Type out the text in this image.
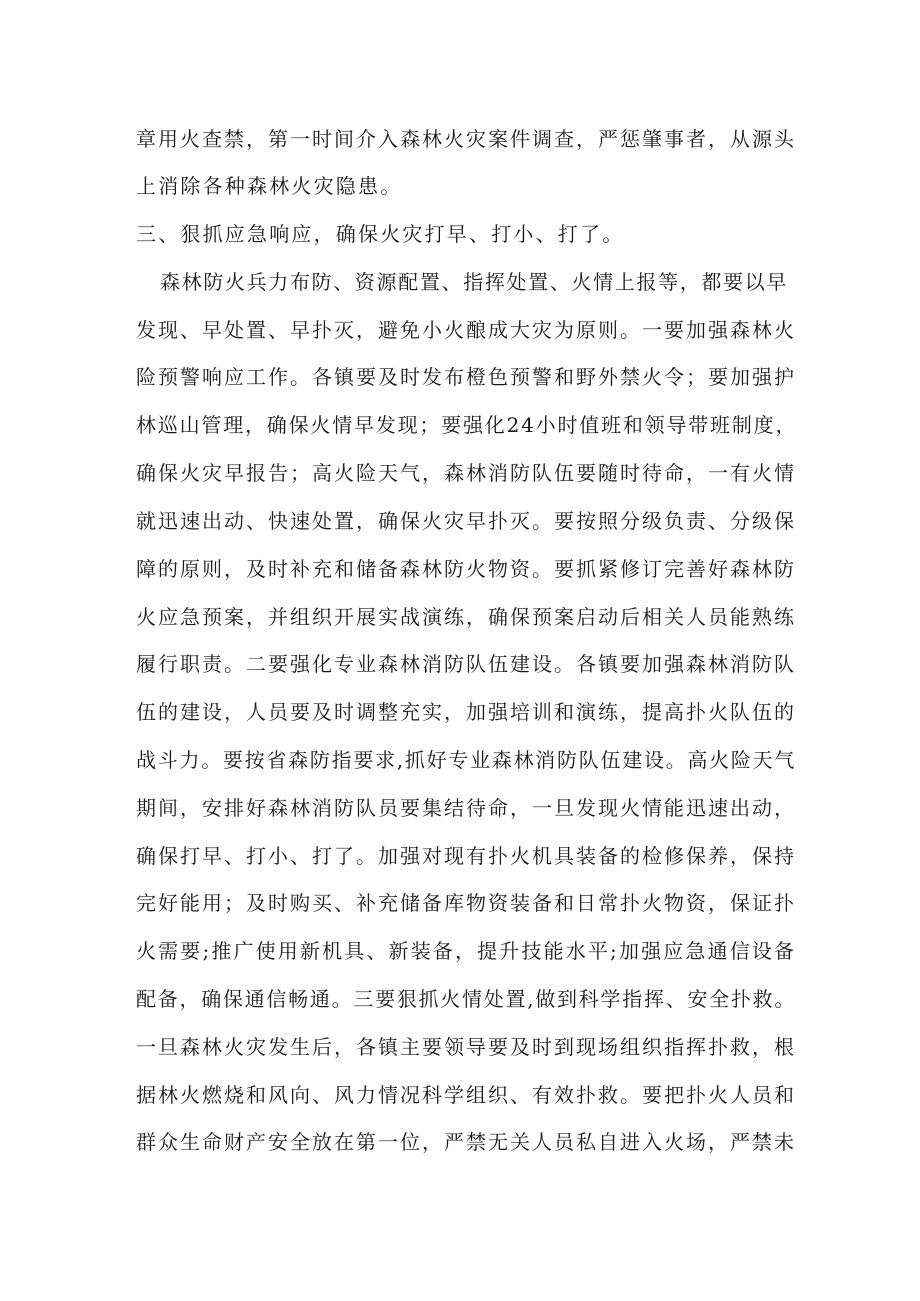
章用火查禁，第一时间介入森林火灾案件调查，严惩肇事者，从源头
上消除各种森林火灾隐患。
三、狠抓应急响应，确保火灾打早、打小、打了。
森林防火兵力布防、资源配置、指挥处置、火情上报等，都要以早
发现、早处置、早扑灭，避免小火酿成大灾为原则。一要加强森林火
险预警响应工作。各镇要及时发布橙色预警和野外禁火令；要加强护
林巡山管理，确保火情早发现；要强化24小时值班和领导带班制度，
确保火灾早报告；高火险天气，森林消防队伍要随时待命，一有火情
就迅速出动、快速处置，确保火灾早扑灭。要按照分级负责、分级保
障的原则，及时补充和储备森林防火物资。要抓紧修订完善好森林防
火应急预案，并组织开展实战演练，确保预案启动后相关人员能熟练
履行职责。二要强化专业森林消防队伍建设。各镇要加强森林消防队
伍的建设，人员要及时调整充实，加强培训和演练，提高扑火队伍的
战斗力。要按省森防指要求,抓好专业森林消防队伍建设。高火险天气
期间，安排好森林消防队员要集结待命，一旦发现火情能迅速出动，
确保打早、打小、打了。加强对现有扑火机具装备的检修保养，保持
完好能用；及时购买、补充储备库物资装备和日常扑火物资，保证扑
火需要;推广使用新机具、新装备，提升技能水平;加强应急通信设备
配备，确保通信畅通。三要狠抓火情处置,做到科学指挥、安全扑救。
一旦森林火灾发生后，各镇主要领导要及时到现场组织指挥扑救，根
据林火燃烧和风向、风力情况科学组织、有效扑救。要把扑火人员和
群众生命财产安全放在第一位，严禁无关人员私自进入火场，严禁未
